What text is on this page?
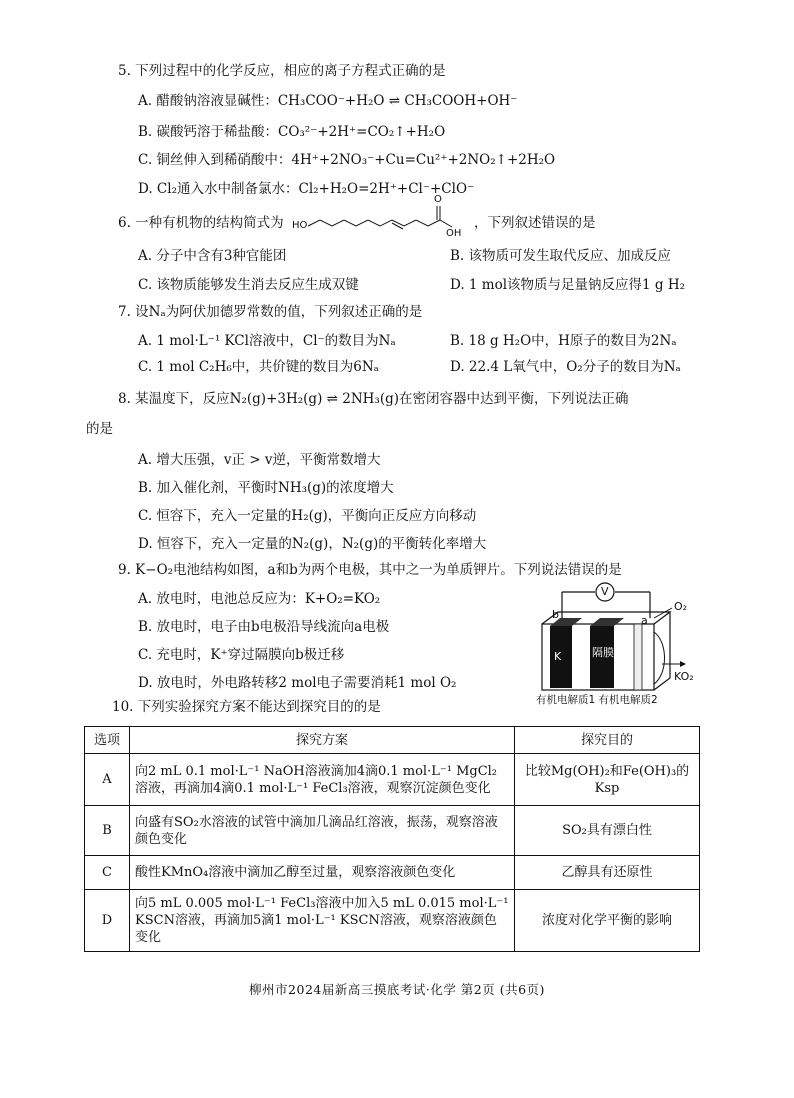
5. 下列过程中的化学反应，相应的离子方程式正确的是
A. 醋酸钠溶液显碱性：CH₃COO⁻+H₂O ⇌ CH₃COOH+OH⁻
B. 碳酸钙溶于稀盐酸：CO₃²⁻+2H⁺=CO₂↑+H₂O
C. 铜丝伸入到稀硝酸中：4H⁺+2NO₃⁻+Cu=Cu²⁺+2NO₂↑+2H₂O
D. Cl₂通入水中制备氯水：Cl₂+H₂O=2H⁺+Cl⁻+ClO⁻
6. 一种有机物的结构简式为 HO
O
OH
，下列叙述错误的是
A. 分子中含有3种官能团	B. 该物质可发生取代反应、加成反应
C. 该物质能够发生消去反应生成双键	D. 1 mol该物质与足量钠反应得1 g H₂
7. 设Nₐ为阿伏加德罗常数的值，下列叙述正确的是
A. 1 mol·L⁻¹ KCl溶液中，Cl⁻的数目为Nₐ	B. 18 g H₂O中，H原子的数目为2Nₐ
C. 1 mol C₂H₆中，共价键的数目为6Nₐ	D. 22.4 L氧气中，O₂分子的数目为Nₐ
8. 某温度下，反应N₂(g)+3H₂(g) ⇌ 2NH₃(g)在密闭容器中达到平衡，下列说法正确
的是
A. 增大压强，v正 > v逆，平衡常数增大
B. 加入催化剂，平衡时NH₃(g)的浓度增大
C. 恒容下，充入一定量的H₂(g)，平衡向正反应方向移动
D. 恒容下，充入一定量的N₂(g)，N₂(g)的平衡转化率增大
9. K−O₂电池结构如图，a和b为两个电极，其中之一为单质钾片。下列说法错误的是
A. 放电时，电池总反应为：K+O₂=KO₂
B. 放电时，电子由b电极沿导线流向a电极
C. 充电时，K⁺穿过隔膜向b极迁移
D. 放电时，外电路转移2 mol电子需要消耗1 mol O₂
V
b	a
K	隔膜
O₂
KO₂
有机电解质1 有机电解质2
10. 下列实验探究方案不能达到探究目的的是
选项	探究方案	探究目的
A	向2 mL 0.1 mol·L⁻¹ NaOH溶液滴加4滴0.1 mol·L⁻¹ MgCl₂溶液，再滴加4滴0.1 mol·L⁻¹ FeCl₃溶液，观察沉淀颜色变化	比较Mg(OH)₂和Fe(OH)₃的Ksp
B	向盛有SO₂水溶液的试管中滴加几滴品红溶液，振荡，观察溶液颜色变化	SO₂具有漂白性
C	酸性KMnO₄溶液中滴加乙醇至过量，观察溶液颜色变化	乙醇具有还原性
D	向5 mL 0.005 mol·L⁻¹ FeCl₃溶液中加入5 mL 0.015 mol·L⁻¹ KSCN溶液，再滴加5滴1 mol·L⁻¹ KSCN溶液，观察溶液颜色变化	浓度对化学平衡的影响
柳州市2024届新高三摸底考试·化学 第2页 (共6页)
